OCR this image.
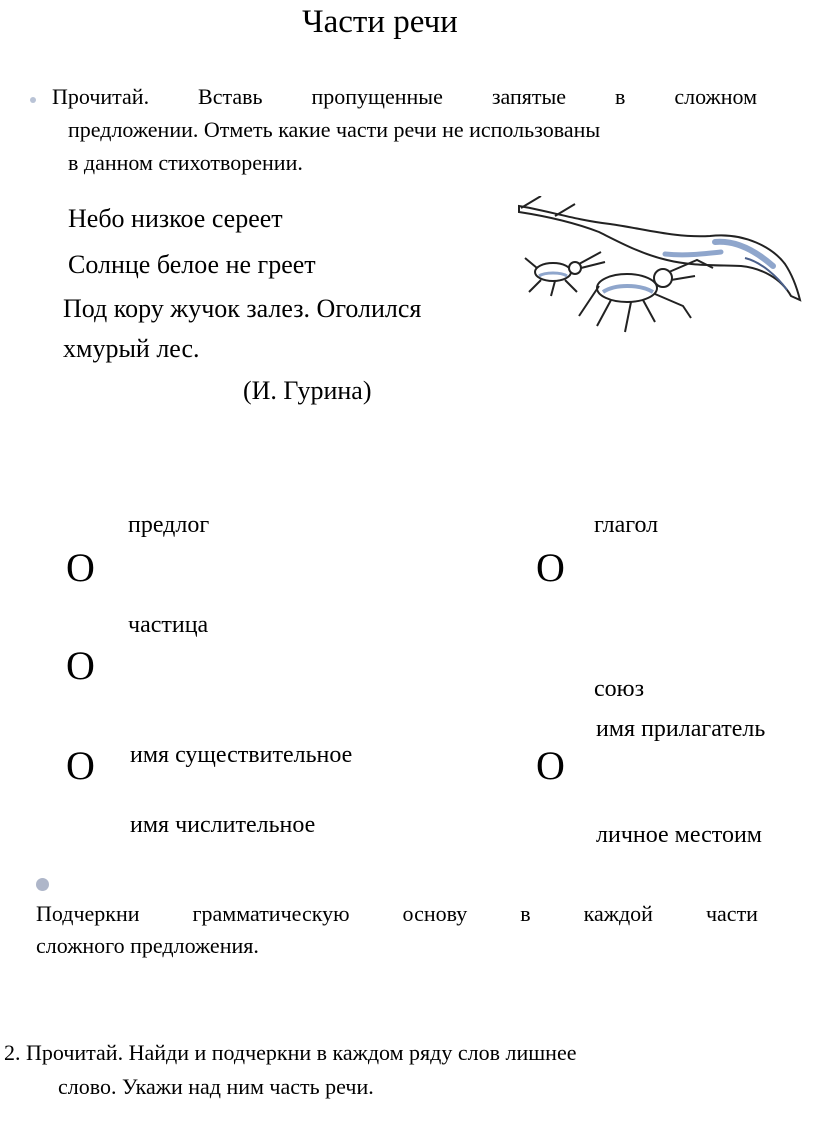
Части речи
Прочитай. Вставь пропущенные запятые в сложном
предложении. Отметь какие части речи не использованы
в данном стихотворении.
Небо низкое сереет
Солнце белое не греет
Под кору жучок залез. Оголился
хмурый лес.
(И. Гурина)
предлог
частица
имя существительное
имя числительное
О
О
О
глагол
союз
имя прилагатель
личное местоим
О
О
Подчеркни грамматическую основу в каждой части
сложного предложения.
2. Прочитай. Найди и подчеркни в каждом ряду слов лишнее
слово. Укажи над ним часть речи.
